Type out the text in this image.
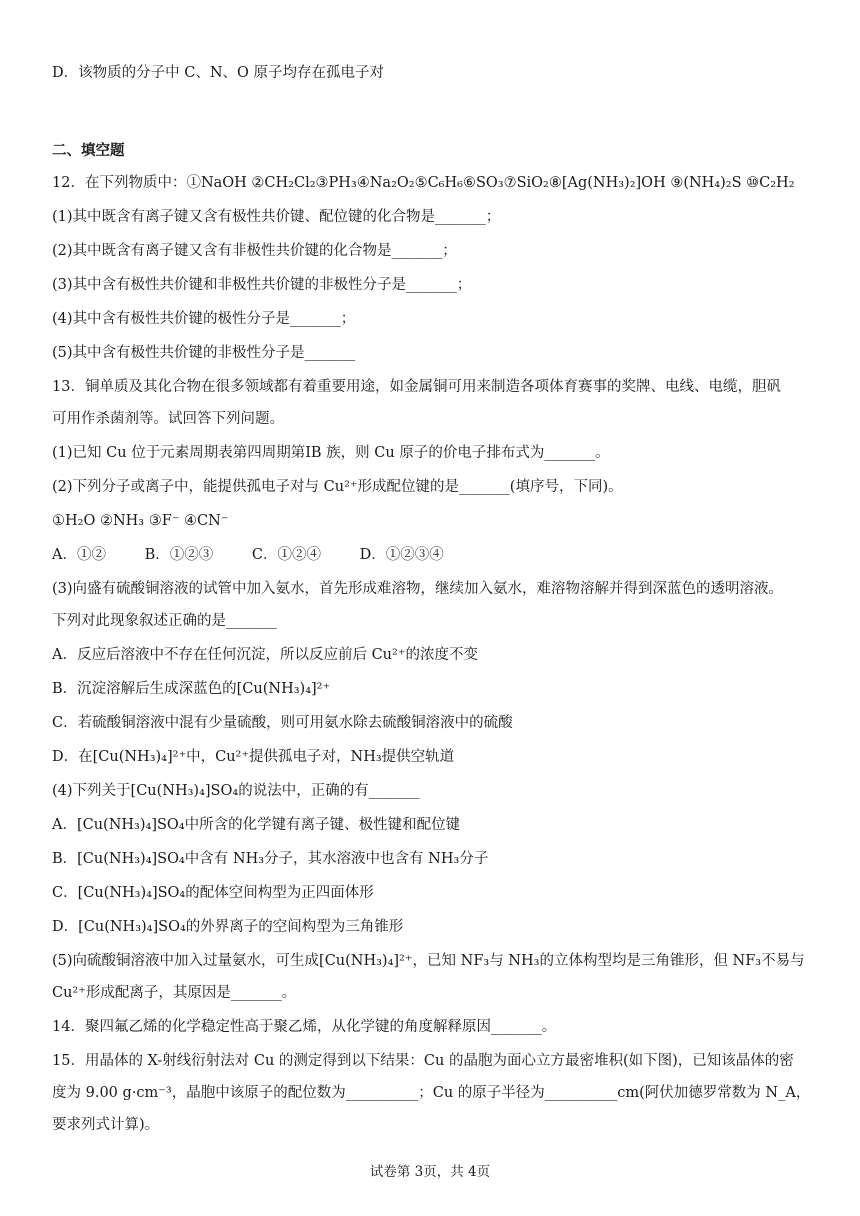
D．该物质的分子中 C、N、O 原子均存在孤电子对
二、填空题
12．在下列物质中：①NaOH ②CH₂Cl₂③PH₃④Na₂O₂⑤C₆H₆⑥SO₃⑦SiO₂⑧[Ag(NH₃)₂]OH ⑨(NH₄)₂S ⑩C₂H₂
(1)其中既含有离子键又含有极性共价键、配位键的化合物是_______；
(2)其中既含有离子键又含有非极性共价键的化合物是_______；
(3)其中含有极性共价键和非极性共价键的非极性分子是_______；
(4)其中含有极性共价键的极性分子是_______；
(5)其中含有极性共价键的非极性分子是_______
13．铜单质及其化合物在很多领域都有着重要用途，如金属铜可用来制造各项体育赛事的奖牌、电线、电缆，胆矾
可用作杀菌剂等。试回答下列问题。
(1)已知 Cu 位于元素周期表第四周期第IB 族，则 Cu 原子的价电子排布式为_______。
(2)下列分子或离子中，能提供孤电子对与 Cu²⁺形成配位键的是_______(填序号，下同)。
①H₂O ②NH₃ ③F⁻ ④CN⁻
A．①②	B．①②③	C．①②④	D．①②③④
(3)向盛有硫酸铜溶液的试管中加入氨水，首先形成难溶物，继续加入氨水，难溶物溶解并得到深蓝色的透明溶液。
下列对此现象叙述正确的是_______
A．反应后溶液中不存在任何沉淀，所以反应前后 Cu²⁺的浓度不变
B．沉淀溶解后生成深蓝色的[Cu(NH₃)₄]²⁺
C．若硫酸铜溶液中混有少量硫酸，则可用氨水除去硫酸铜溶液中的硫酸
D．在[Cu(NH₃)₄]²⁺中，Cu²⁺提供孤电子对，NH₃提供空轨道
(4)下列关于[Cu(NH₃)₄]SO₄的说法中，正确的有_______
A．[Cu(NH₃)₄]SO₄中所含的化学键有离子键、极性键和配位键
B．[Cu(NH₃)₄]SO₄中含有 NH₃分子，其水溶液中也含有 NH₃分子
C．[Cu(NH₃)₄]SO₄的配体空间构型为正四面体形
D．[Cu(NH₃)₄]SO₄的外界离子的空间构型为三角锥形
(5)向硫酸铜溶液中加入过量氨水，可生成[Cu(NH₃)₄]²⁺，已知 NF₃与 NH₃的立体构型均是三角锥形，但 NF₃不易与
Cu²⁺形成配离子，其原因是_______。
14．聚四氟乙烯的化学稳定性高于聚乙烯，从化学键的角度解释原因_______。
15．用晶体的 X-射线衍射法对 Cu 的测定得到以下结果：Cu 的晶胞为面心立方最密堆积(如下图)，已知该晶体的密
度为 9.00 g·cm⁻³，晶胞中该原子的配位数为__________；Cu 的原子半径为__________cm(阿伏加德罗常数为 N_A，
要求列式计算)。
试卷第 3页，共 4页
